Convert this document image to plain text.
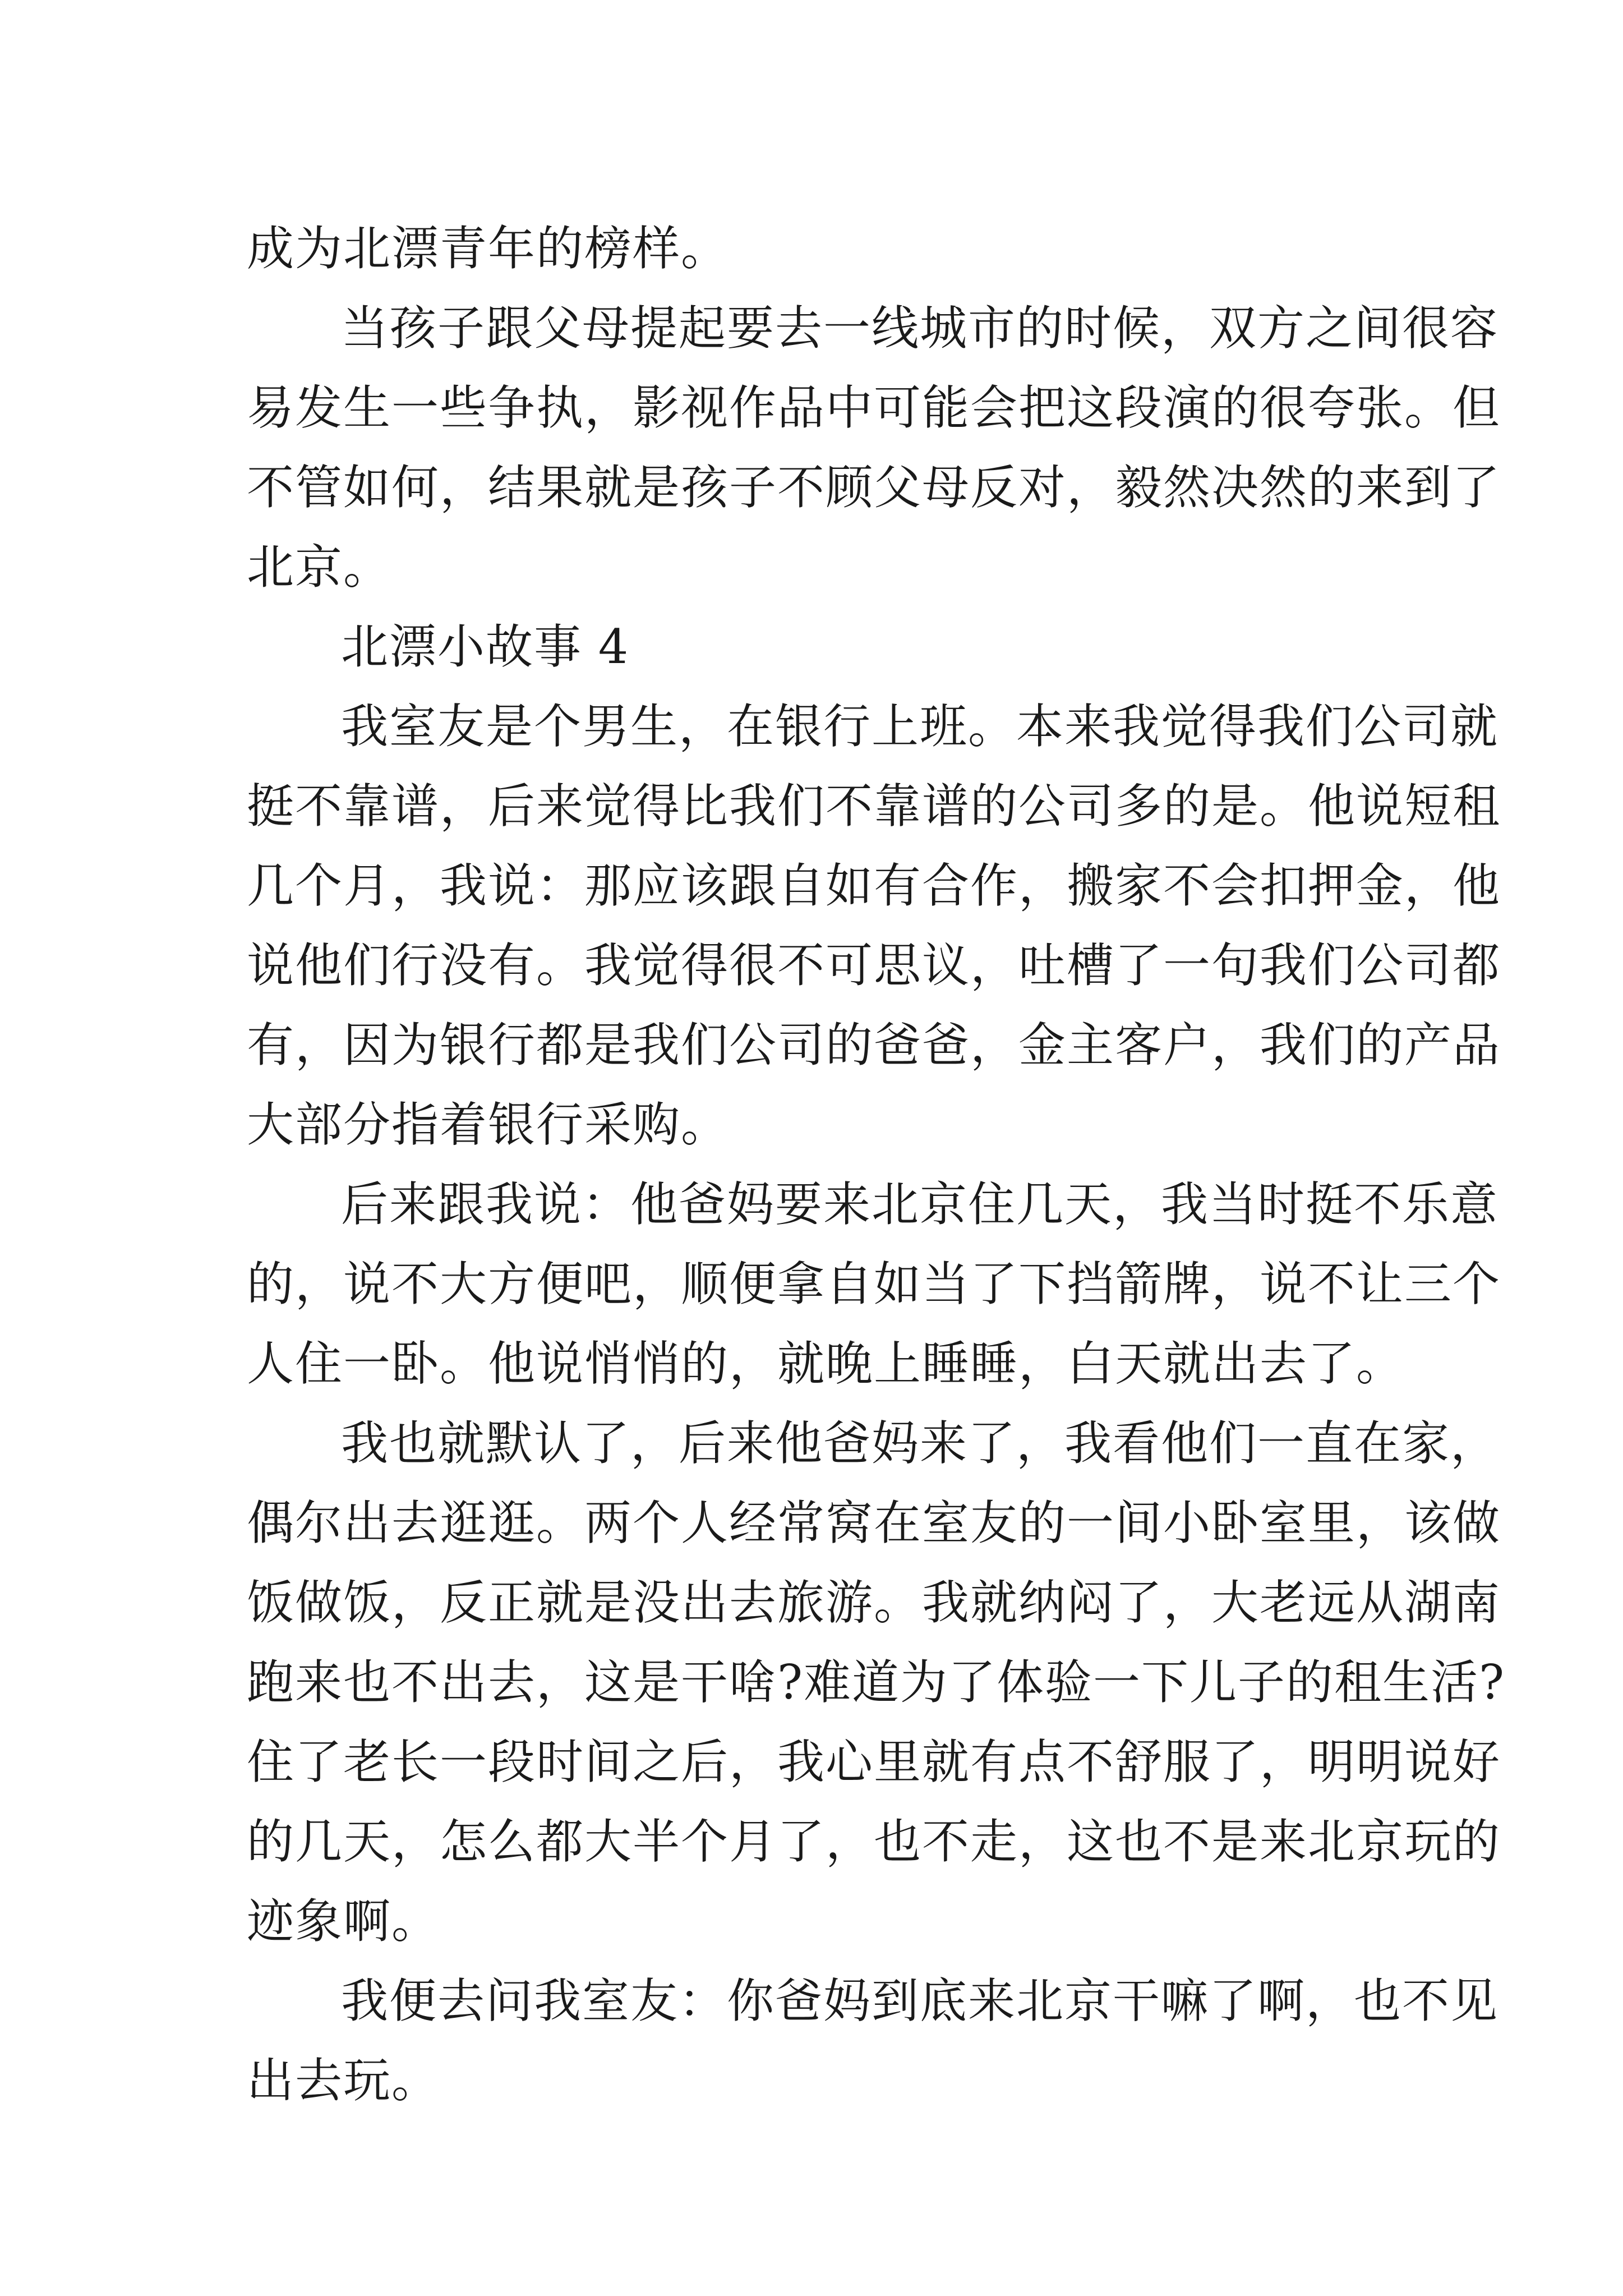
成为北漂青年的榜样。
当孩子跟父母提起要去一线城市的时候，双方之间很容
易发生一些争执，影视作品中可能会把这段演的很夸张。但
不管如何，结果就是孩子不顾父母反对，毅然决然的来到了
北京。
北漂小故事 4
我室友是个男生，在银行上班。本来我觉得我们公司就
挺不靠谱，后来觉得比我们不靠谱的公司多的是。他说短租
几个月，我说：那应该跟自如有合作，搬家不会扣押金，他
说他们行没有。我觉得很不可思议，吐槽了一句我们公司都
有，因为银行都是我们公司的爸爸，金主客户，我们的产品
大部分指着银行采购。
后来跟我说：他爸妈要来北京住几天，我当时挺不乐意
的，说不大方便吧，顺便拿自如当了下挡箭牌，说不让三个
人住一卧。他说悄悄的，就晚上睡睡，白天就出去了。
我也就默认了，后来他爸妈来了，我看他们一直在家，
偶尔出去逛逛。两个人经常窝在室友的一间小卧室里，该做
饭做饭，反正就是没出去旅游。我就纳闷了，大老远从湖南
跑来也不出去，这是干啥?难道为了体验一下儿子的租生活?
住了老长一段时间之后，我心里就有点不舒服了，明明说好
的几天，怎么都大半个月了，也不走，这也不是来北京玩的
迹象啊。
我便去问我室友：你爸妈到底来北京干嘛了啊，也不见
出去玩。
